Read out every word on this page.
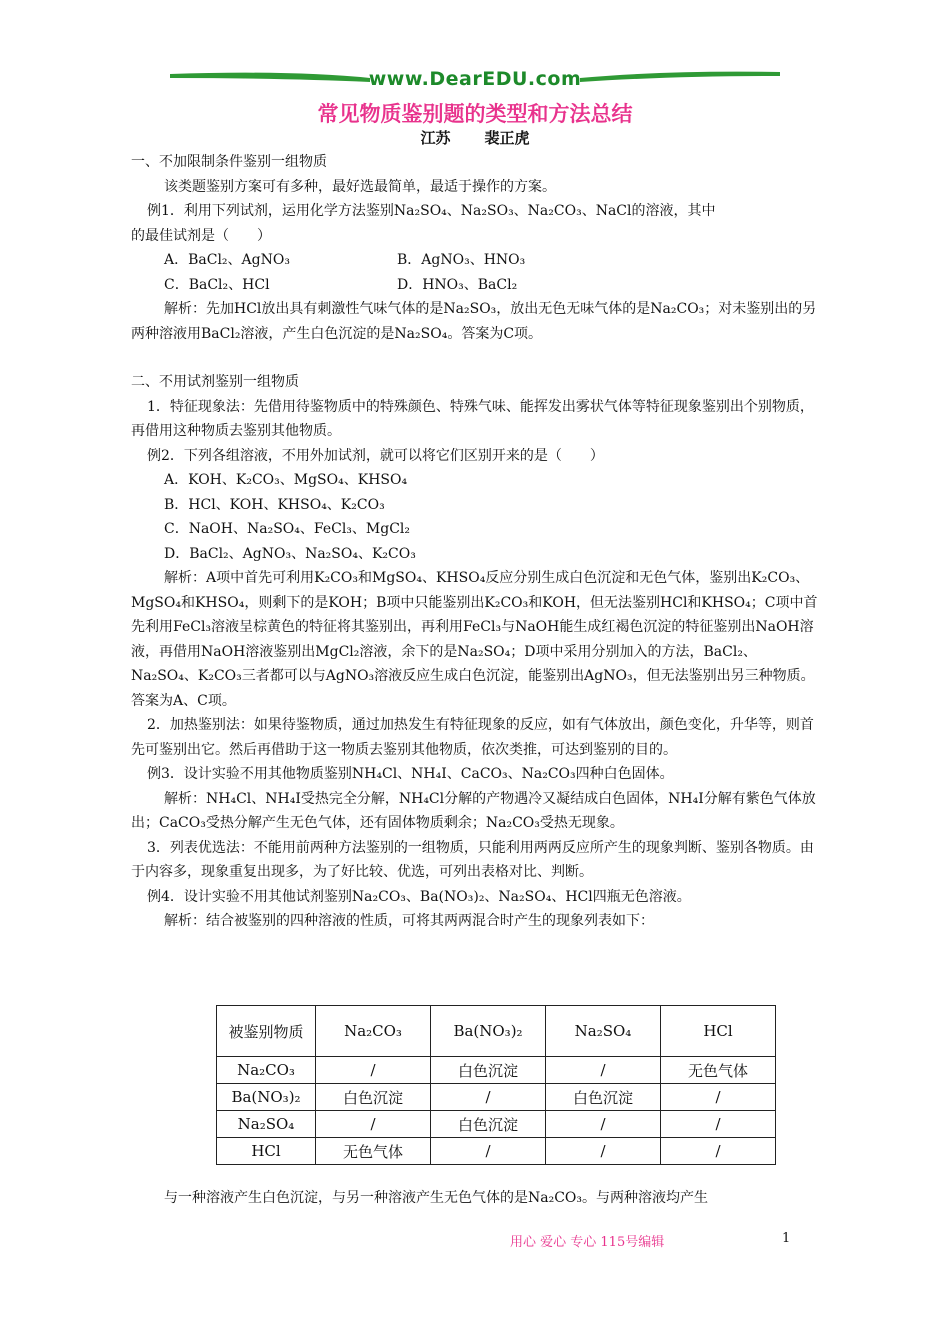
www.DearEDU.com
常见物质鉴别题的类型和方法总结
江苏 裴正虎

一、不加限制条件鉴别一组物质

该类题鉴别方案可有多种，最好选最简单，最适于操作的方案。

例1．利用下列试剂，运用化学方法鉴别Na₂SO₄、Na₂SO₃、Na₂CO₃、NaCl的溶液，其中

的最佳试剂是（　　）

A．BaCl₂、AgNO₃	B．AgNO₃、HNO₃
C．BaCl₂、HCl	D．HNO₃、BaCl₂

解析：先加HCl放出具有刺激性气味气体的是Na₂SO₃，放出无色无味气体的是Na₂CO₃；对未鉴别出的另两种溶液用BaCl₂溶液，产生白色沉淀的是Na₂SO₄。答案为C项。

二、不用试剂鉴别一组物质

1．特征现象法：先借用待鉴物质中的特殊颜色、特殊气味、能挥发出雾状气体等特征现象鉴别出个别物质，再借用这种物质去鉴别其他物质。

例2．下列各组溶液，不用外加试剂，就可以将它们区别开来的是（　　）

A．KOH、K₂CO₃、MgSO₄、KHSO₄

B．HCl、KOH、KHSO₄、K₂CO₃

C．NaOH、Na₂SO₄、FeCl₃、MgCl₂

D．BaCl₂、AgNO₃、Na₂SO₄、K₂CO₃

解析：A项中首先可利用K₂CO₃和MgSO₄、KHSO₄反应分别生成白色沉淀和无色气体，鉴别出K₂CO₃、MgSO₄和KHSO₄，则剩下的是KOH；B项中只能鉴别出K₂CO₃和KOH，但无法鉴别HCl和KHSO₄；C项中首先利用FeCl₃溶液呈棕黄色的特征将其鉴别出，再利用FeCl₃与NaOH能生成红褐色沉淀的特征鉴别出NaOH溶液，再借用NaOH溶液鉴别出MgCl₂溶液，余下的是Na₂SO₄；D项中采用分别加入的方法，BaCl₂、Na₂SO₄、K₂CO₃三者都可以与AgNO₃溶液反应生成白色沉淀，能鉴别出AgNO₃，但无法鉴别出另三种物质。答案为A、C项。

2．加热鉴别法：如果待鉴物质，通过加热发生有特征现象的反应，如有气体放出，颜色变化，升华等，则首先可鉴别出它。然后再借助于这一物质去鉴别其他物质，依次类推，可达到鉴别的目的。

例3．设计实验不用其他物质鉴别NH₄Cl、NH₄I、CaCO₃、Na₂CO₃四种白色固体。

解析：NH₄Cl、NH₄I受热完全分解，NH₄Cl分解的产物遇冷又凝结成白色固体，NH₄I分解有紫色气体放出；CaCO₃受热分解产生无色气体，还有固体物质剩余；Na₂CO₃受热无现象。

3．列表优选法：不能用前两种方法鉴别的一组物质，只能利用两两反应所产生的现象判断、鉴别各物质。由于内容多，现象重复出现多，为了好比较、优选，可列出表格对比、判断。

例4．设计实验不用其他试剂鉴别Na₂CO₃、Ba(NO₃)₂、Na₂SO₄、HCl四瓶无色溶液。

解析：结合被鉴别的四种溶液的性质，可将其两两混合时产生的现象列表如下：

被鉴别物质	Na₂CO₃	Ba(NO₃)₂	Na₂SO₄	HCl
Na₂CO₃	/	白色沉淀	/	无色气体
Ba(NO₃)₂	白色沉淀	/	白色沉淀	/
Na₂SO₄	/	白色沉淀	/	/
HCl	无色气体	/	/	/

与一种溶液产生白色沉淀，与另一种溶液产生无色气体的是Na₂CO₃。与两种溶液均产生

用心 爱心 专心 115号编辑	1
